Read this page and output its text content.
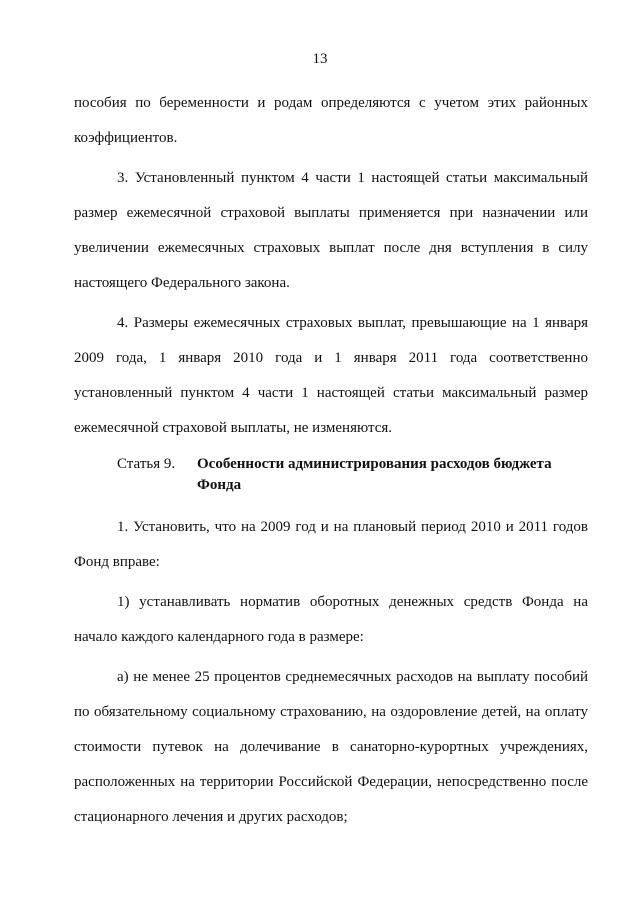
13

пособия по беременности и родам определяются с учетом этих районных коэффициентов.

3. Установленный пунктом 4 части 1 настоящей статьи максимальный размер ежемесячной страховой выплаты применяется при назначении или увеличении ежемесячных страховых выплат после дня вступления в силу настоящего Федерального закона.

4. Размеры ежемесячных страховых выплат, превышающие на 1 января 2009 года, 1 января 2010 года и 1 января 2011 года соответственно установленный пунктом 4 части 1 настоящей статьи максимальный размер ежемесячной страховой выплаты, не изменяются.

Статья 9.	Особенности администрирования расходов бюджета Фонда

1. Установить, что на 2009 год и на плановый период 2010 и 2011 годов Фонд вправе:

1) устанавливать норматив оборотных денежных средств Фонда на начало каждого календарного года в размере:

а) не менее 25 процентов среднемесячных расходов на выплату пособий по обязательному социальному страхованию, на оздоровление детей, на оплату стоимости путевок на долечивание в санаторно-курортных учреждениях, расположенных на территории Российской Федерации, непосредственно после стационарного лечения и других расходов;
